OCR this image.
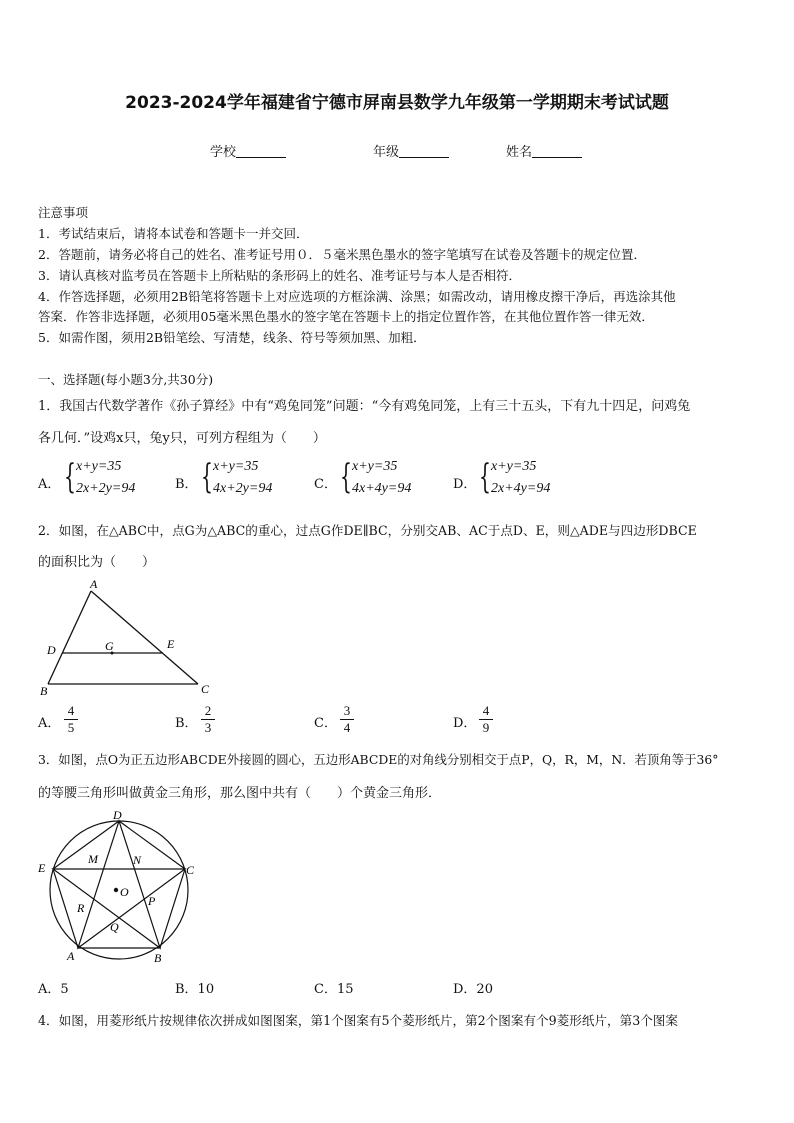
2023-2024学年福建省宁德市屏南县数学九年级第一学期期末考试试题
学校	年级	姓名
注意事项
1．考试结束后，请将本试卷和答题卡一并交回．
2．答题前，请务必将自己的姓名、准考证号用０．５毫米黑色墨水的签字笔填写在试卷及答题卡的规定位置．
3．请认真核对监考员在答题卡上所粘贴的条形码上的姓名、准考证号与本人是否相符．
4．作答选择题，必须用2B铅笔将答题卡上对应选项的方框涂满、涂黑；如需改动，请用橡皮擦干净后，再选涂其他
答案．作答非选择题，必须用05毫米黑色墨水的签字笔在答题卡上的指定位置作答，在其他位置作答一律无效．
5．如需作图，须用2B铅笔绘、写清楚，线条、符号等须加黑、加粗．
一、选择题(每小题3分,共30分)
1．我国古代数学著作《孙子算经》中有“鸡兔同笼”问题：“今有鸡兔同笼，上有三十五头，下有九十四足，问鸡兔
各几何．”设鸡x只，兔y只，可列方程组为（　　）
A． { x+y=35
2x+2y=94	B． { x+y=35
4x+2y=94	C． { x+y=35
4x+4y=94	D． { x+y=35
2x+4y=94
2．如图，在△ABC中，点G为△ABC的重心，过点G作DE∥BC，分别交AB、AC于点D、E，则△ADE与四边形DBCE
的面积比为（　　）
A
D	G	E
B	C
A． $\frac{4}{5}$	B． $\frac{2}{3}$	C． $\frac{3}{4}$	D． $\frac{4}{9}$
3．如图，点O为正五边形ABCDE外接圆的圆心，五边形ABCDE的对角线分别相交于点P，Q，R，M，N．若顶角等于36°
的等腰三角形叫做黄金三角形，那么图中共有（　　）个黄金三角形．
D
E	C
M	N
O
R	P
Q
A	B
A．5	B．10	C．15	D．20
4．如图，用菱形纸片按规律依次拼成如图图案，第1个图案有5个菱形纸片，第2个图案有个9菱形纸片，第3个图案
